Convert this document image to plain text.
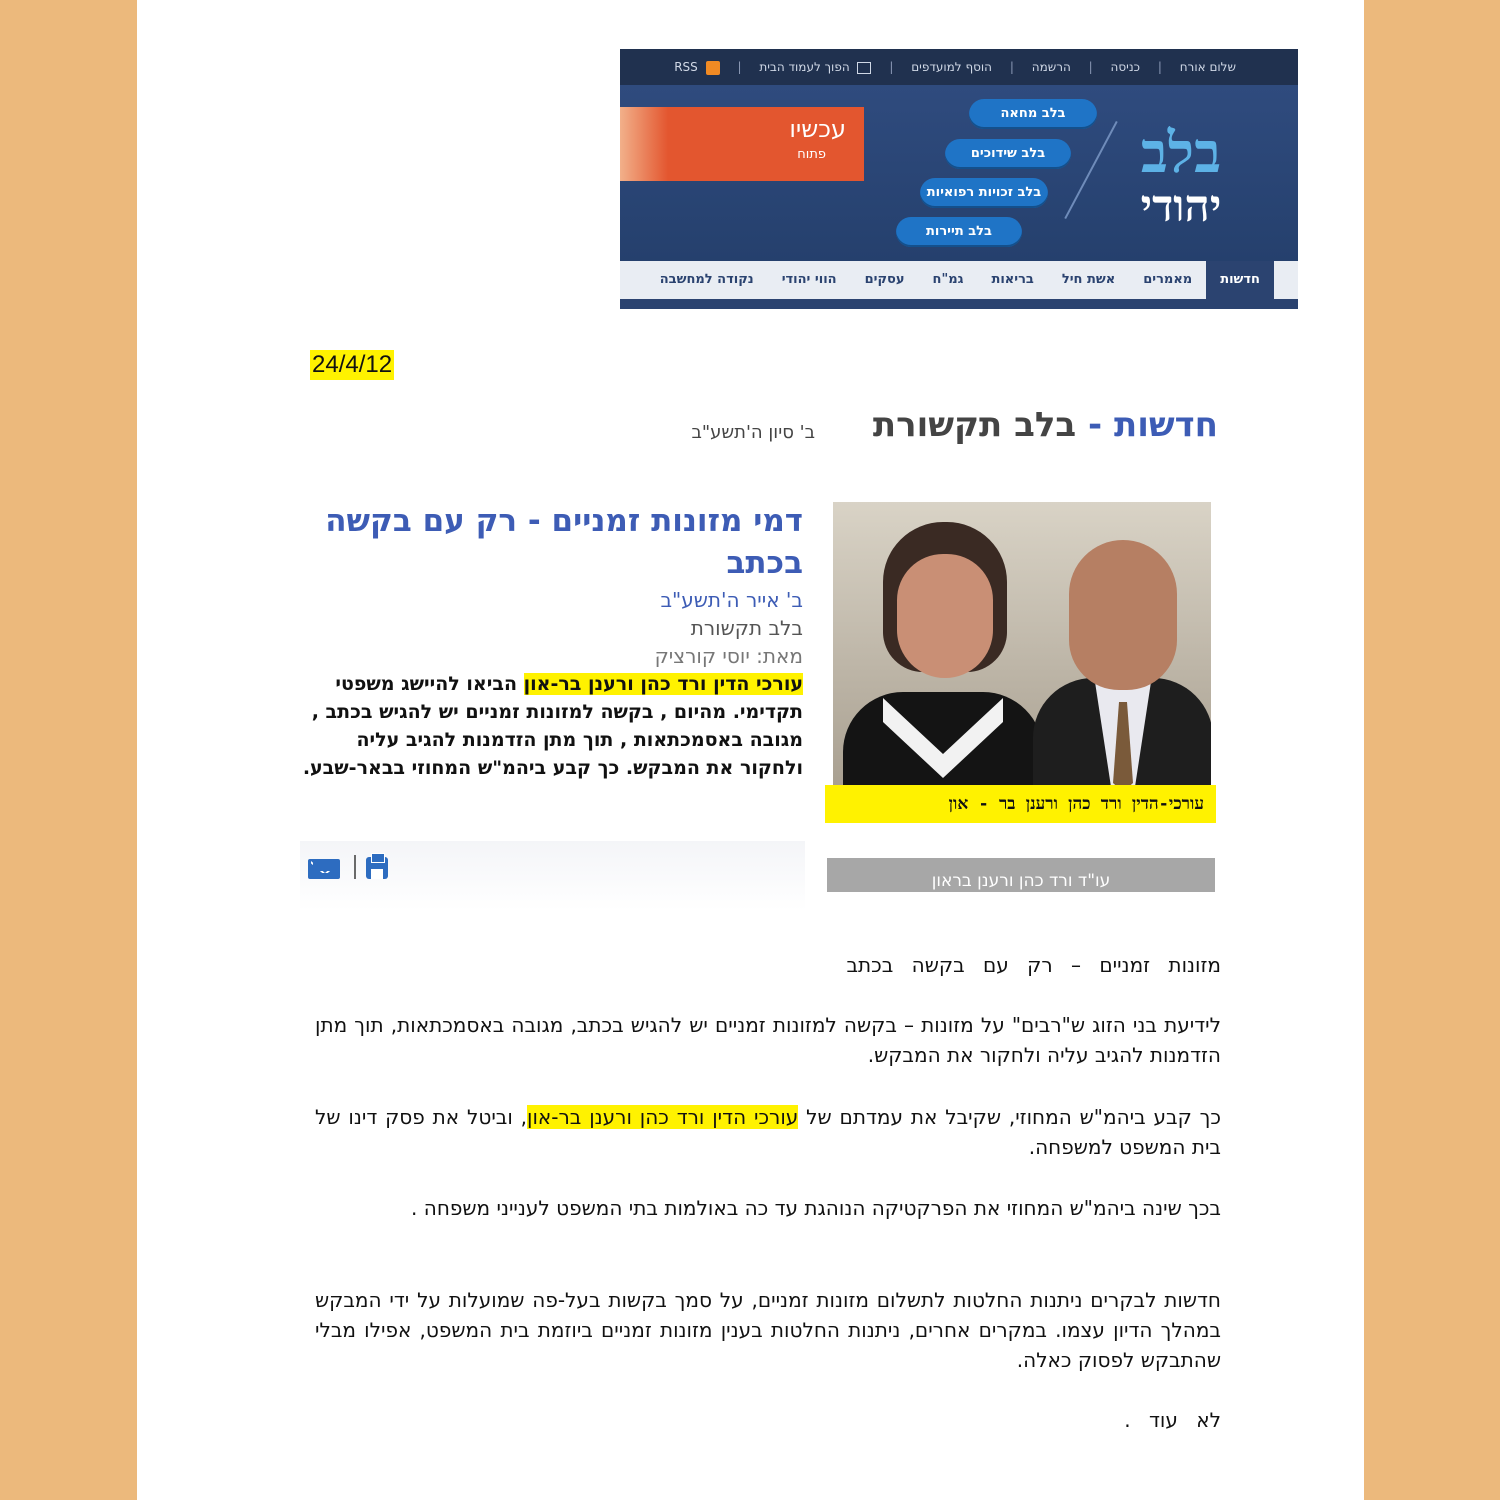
שלום אורח | כניסה | הרשמה | הוסף למועדפים |  הפוך לעמוד הבית |  RSS
בלב
יהודי
בלב מחאה
בלב שידוכים
בלב זכויות רפואיות
בלב תיירות
עכשיו
פתוח
חדשותמאמריםאשת חילבריאותגמ"חעסקיםהווי יהודינקודה למחשבה
24/4/12
חדשות - בלב תקשורת
ב' סיון ה'תשע"ב
עורכי-הדין ורד כהן ורענן בר - און
עו"ד ורד כהן ורענן בראון
דמי מזונות זמניים - רק עם בקשה בכתב
ב' אייר ה'תשע"ב
בלב תקשורת
מאת: יוסי קורציק
עורכי הדין ורד כהן ורענן בר-און הביאו להיישג משפטי תקדימי. מהיום , בקשה למזונות זמניים יש להגיש בכתב , מגובה באסמכתאות , תוך מתן הזדמנות להגיב עליה ולחקור את המבקש. כך קבע ביהמ"ש המחוזי בבאר-שבע.

מזונות זמניים – רק עם בקשה בכתב

לידיעת בני הזוג ש"רבים" על מזונות – בקשה למזונות זמניים יש להגיש בכתב, מגובה באסמכתאות, תוך מתן הזדמנות להגיב עליה ולחקור את המבקש.

כך קבע ביהמ"ש המחוזי, שקיבל את עמדתם של עורכי הדין ורד כהן ורענן בר-און, וביטל את פסק דינו של בית המשפט למשפחה.

בכך שינה ביהמ"ש המחוזי את הפרקטיקה הנוהגת עד כה באולמות בתי המשפט לענייני משפחה .

חדשות לבקרים ניתנות החלטות לתשלום מזונות זמניים, על סמך בקשות בעל-פה שמועלות על ידי המבקש במהלך הדיון עצמו. במקרים אחרים, ניתנות החלטות בענין מזונות זמניים ביוזמת בית המשפט, אפילו מבלי שהתבקש לפסוק כאלה.

לא עוד .
